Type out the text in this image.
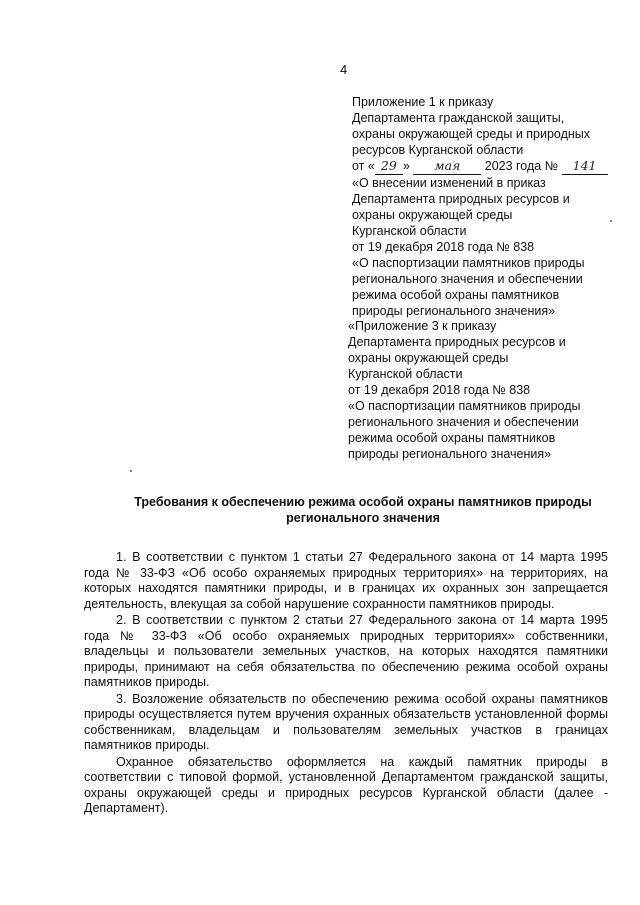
4
Приложение 1 к приказу
Департамента гражданской защиты,
охраны окружающей среды и природных
ресурсов Курганской области
от « 29 » мая 2023 года № 141
«О внесении изменений в приказ
Департамента природных ресурсов и
охраны окружающей среды
Курганской области
от 19 декабря 2018 года № 838
«О паспортизации памятников природы
регионального значения и обеспечении
режима особой охраны памятников
природы регионального значения»
«Приложение 3 к приказу
Департамента природных ресурсов и
охраны окружающей среды
Курганской области
от 19 декабря 2018 года № 838
«О паспортизации памятников природы
регионального значения и обеспечении
режима особой охраны памятников
природы регионального значения»
Требования к обеспечению режима особой охраны памятников природы регионального значения

1. В соответствии с пунктом 1 статьи 27 Федерального закона от 14 марта 1995 года № 33-ФЗ «Об особо охраняемых природных территориях» на территориях, на которых находятся памятники природы, и в границах их охранных зон запрещается деятельность, влекущая за собой нарушение сохранности памятников природы.

2. В соответствии с пунктом 2 статьи 27 Федерального закона от 14 марта 1995 года № 33-ФЗ «Об особо охраняемых природных территориях» собственники, владельцы и пользователи земельных участков, на которых находятся памятники природы, принимают на себя обязательства по обеспечению режима особой охраны памятников природы.

3. Возложение обязательств по обеспечению режима особой охраны памятников природы осуществляется путем вручения охранных обязательств установленной формы собственникам, владельцам и пользователям земельных участков в границах памятников природы.

Охранное обязательство оформляется на каждый памятник природы в соответствии с типовой формой, установленной Департаментом гражданской защиты, охраны окружающей среды и природных ресурсов Курганской области (далее - Департамент).
